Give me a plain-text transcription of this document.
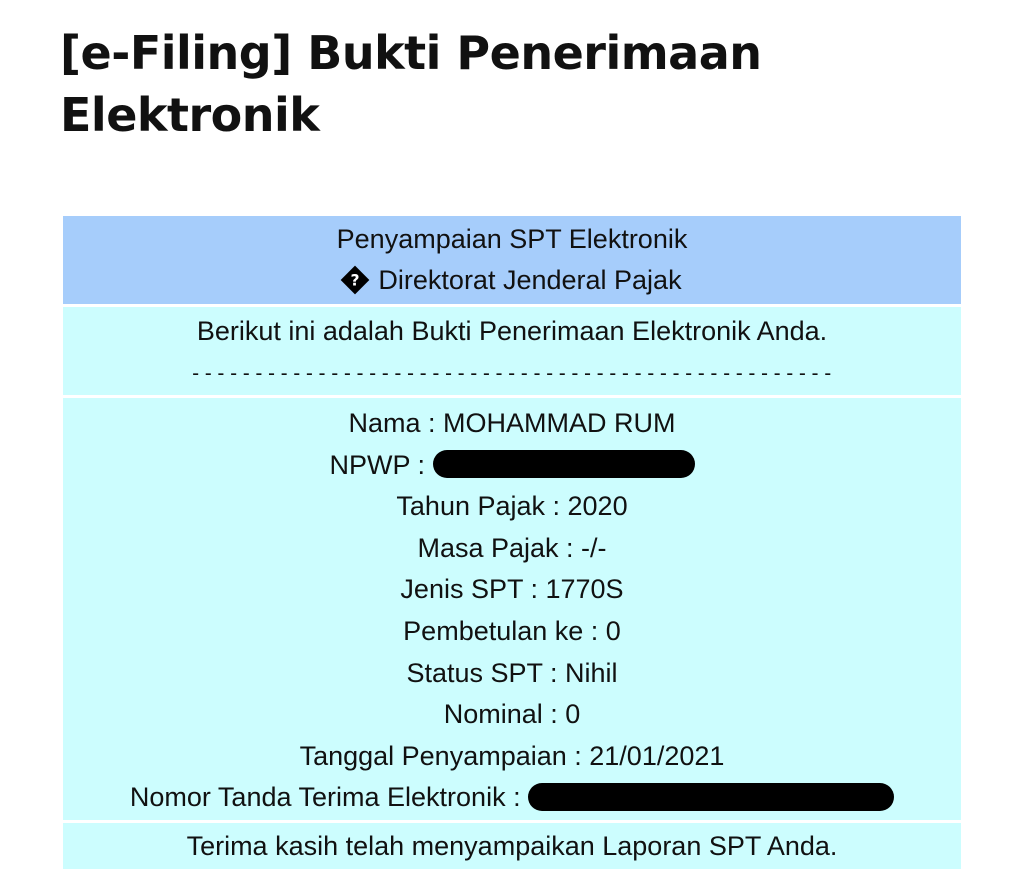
[e-Filing] Bukti Penerimaan Elektronik
Penyampaian SPT Elektronik
?Direktorat Jenderal Pajak
Berikut ini adalah Bukti Penerimaan Elektronik Anda.
---------------------------------------------------
Nama : MOHAMMAD RUM
NPWP :
Tahun Pajak : 2020
Masa Pajak : -/-
Jenis SPT : 1770S
Pembetulan ke : 0
Status SPT : Nihil
Nominal : 0
Tanggal Penyampaian : 21/01/2021
Nomor Tanda Terima Elektronik :
Terima kasih telah menyampaikan Laporan SPT Anda.
